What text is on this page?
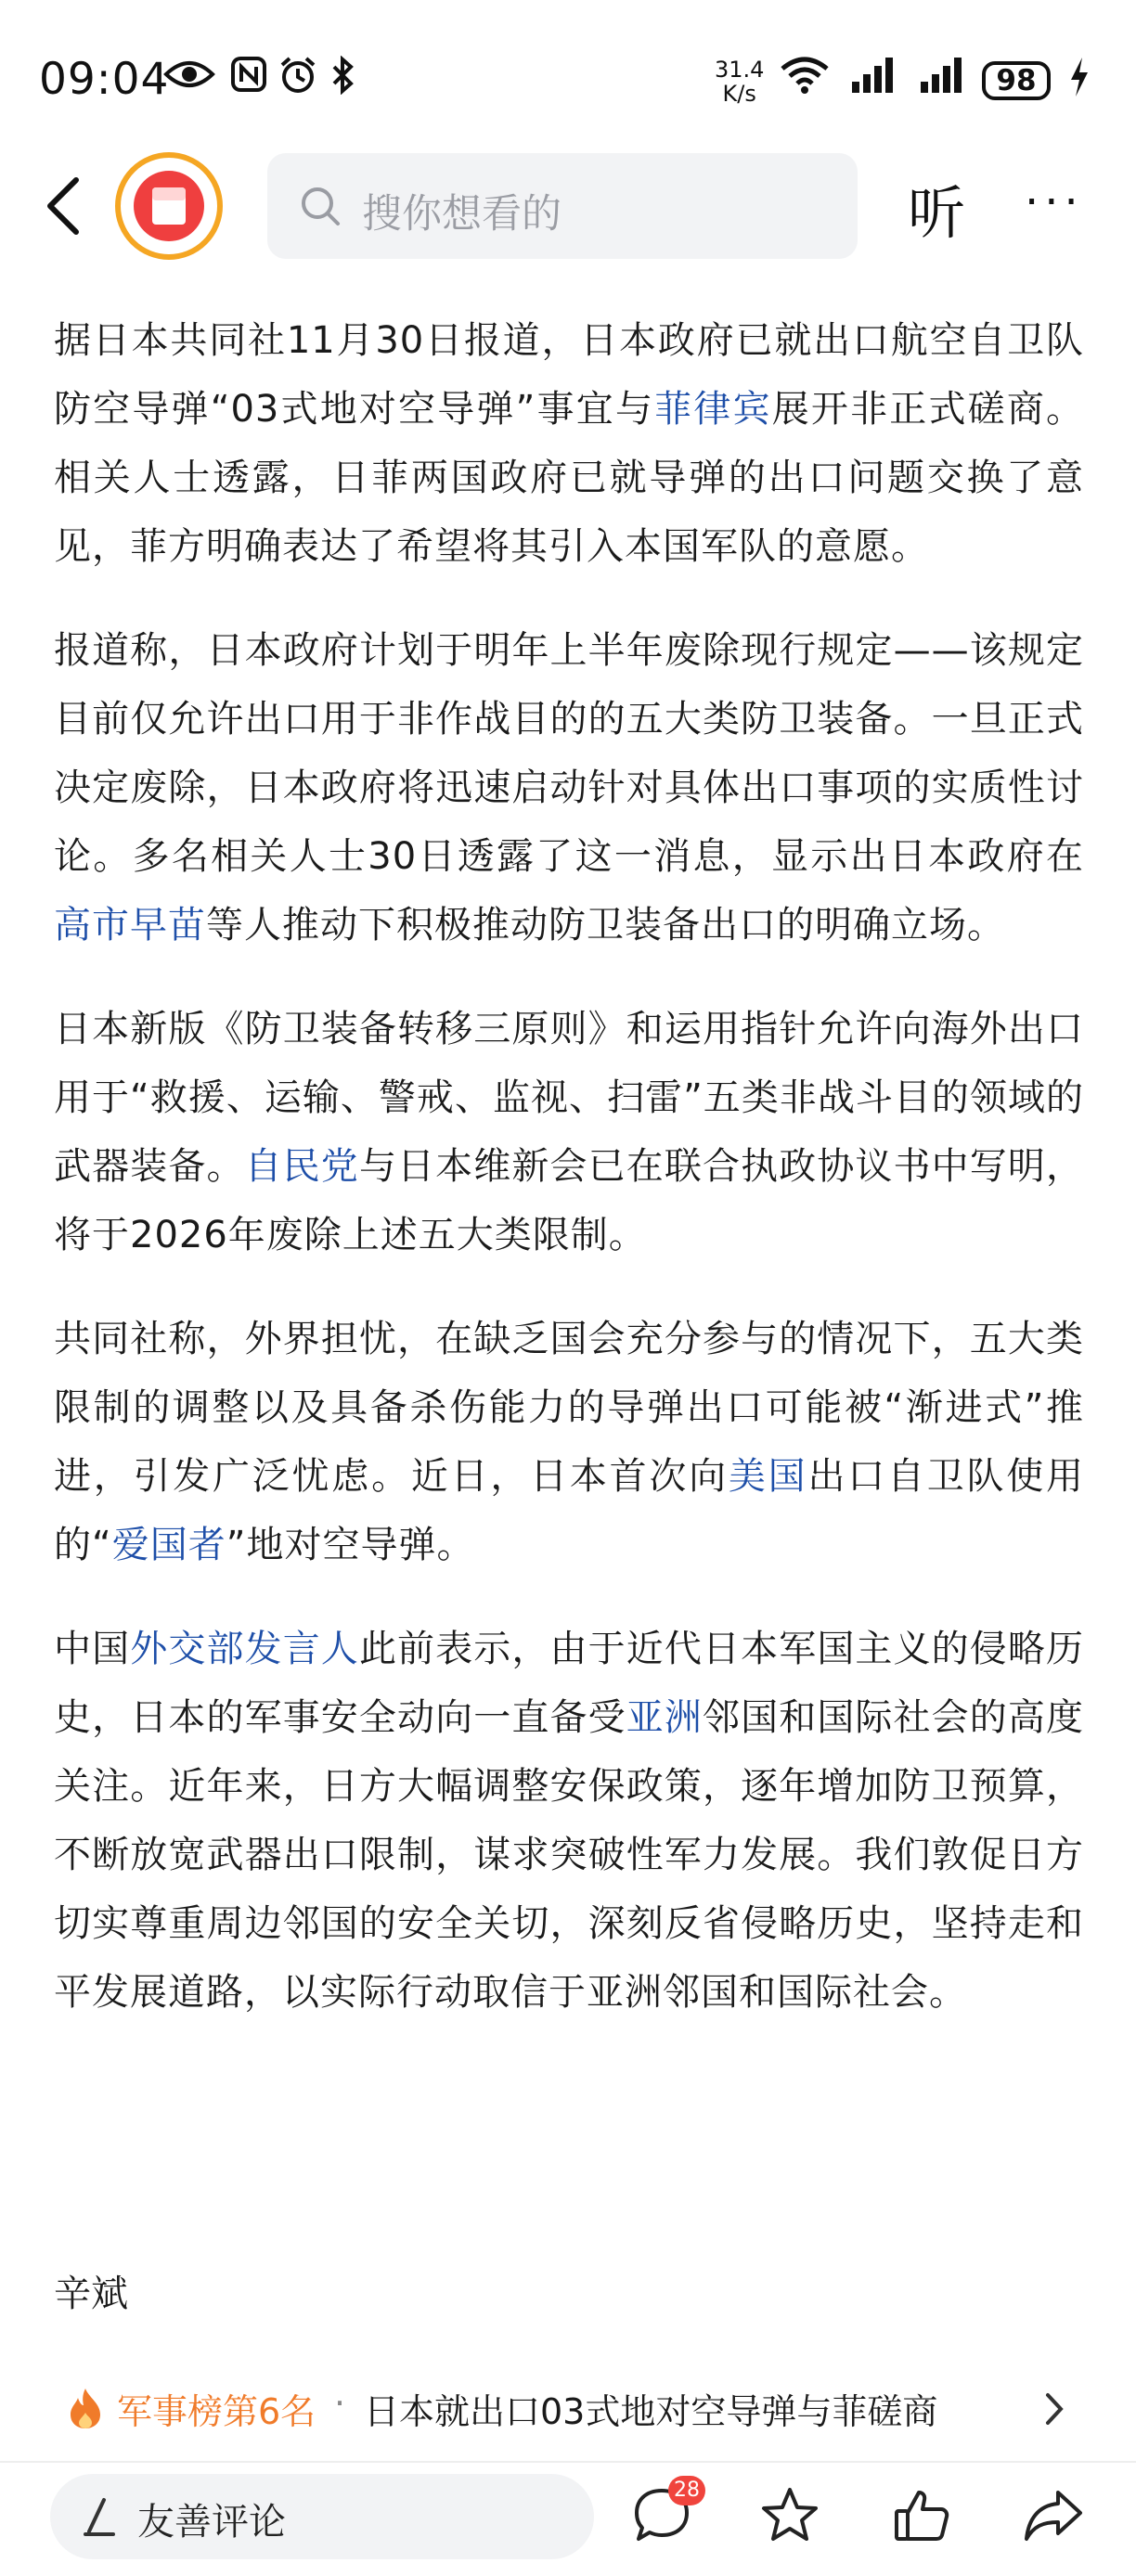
09:04	31.4
K/s	98
搜你想看的	听 ···

据日本共同社11月30日报道，日本政府已就出口航空自卫队防空导弹“03式地对空导弹”事宜与菲律宾展开非正式磋商。相关人士透露，日菲两国政府已就导弹的出口问题交换了意见，菲方明确表达了希望将其引入本国军队的意愿。

报道称，日本政府计划于明年上半年废除现行规定——该规定目前仅允许出口用于非作战目的的五大类防卫装备。一旦正式决定废除，日本政府将迅速启动针对具体出口事项的实质性讨论。多名相关人士30日透露了这一消息，显示出日本政府在高市早苗等人推动下积极推动防卫装备出口的明确立场。

日本新版《防卫装备转移三原则》和运用指针允许向海外出口用于“救援、运输、警戒、监视、扫雷”五类非战斗目的领域的武器装备。自民党与日本维新会已在联合执政协议书中写明，将于2026年废除上述五大类限制。

共同社称，外界担忧，在缺乏国会充分参与的情况下，五大类限制的调整以及具备杀伤能力的导弹出口可能被“渐进式”推进，引发广泛忧虑。近日，日本首次向美国出口自卫队使用的“爱国者”地对空导弹。

中国外交部发言人此前表示，由于近代日本军国主义的侵略历史，日本的军事安全动向一直备受亚洲邻国和国际社会的高度关注。近年来，日方大幅调整安保政策，逐年增加防卫预算，不断放宽武器出口限制，谋求突破性军力发展。我们敦促日方切实尊重周边邻国的安全关切，深刻反省侵略历史，坚持走和平发展道路，以实际行动取信于亚洲邻国和国际社会。

辛斌
军事榜第6名 · 日本就出口03式地对空导弹与菲磋商
友善评论
28
